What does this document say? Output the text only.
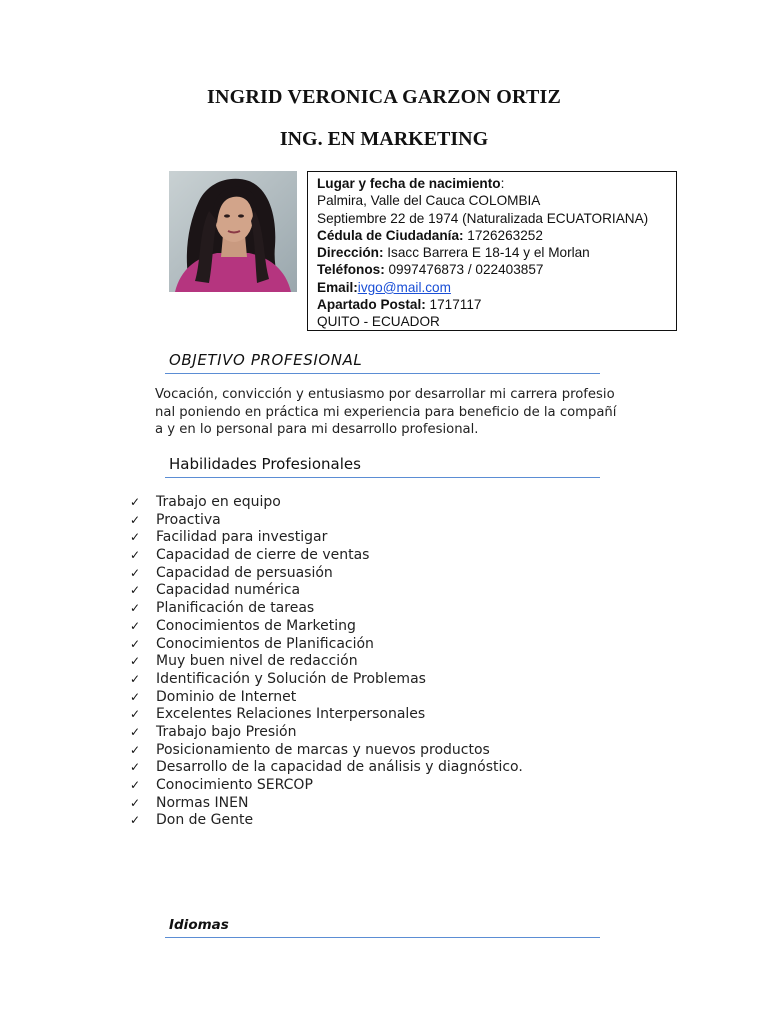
INGRID VERONICA GARZON ORTIZ
ING. EN MARKETING
Lugar y fecha de nacimiento:
Palmira, Valle del Cauca COLOMBIA
Septiembre 22 de 1974 (Naturalizada ECUATORIANA)
Cédula de Ciudadanía: 1726263252
Dirección: Isacc Barrera E 18-14 y el Morlan
Teléfonos: 0997476873 / 022403857
Email:ivgo@mail.com
Apartado Postal: 1717117
QUITO - ECUADOR
OBJETIVO PROFESIONAL
Vocación, convicción y entusiasmo por desarrollar mi carrera profesio
nal poniendo en práctica mi experiencia para beneficio de la compañí
a y en lo personal para mi desarrollo profesional.
Habilidades Profesionales
✓ Trabajo en equipo
✓ Proactiva
✓ Facilidad para investigar
✓ Capacidad de cierre de ventas
✓ Capacidad de persuasión
✓ Capacidad numérica
✓ Planificación de tareas
✓ Conocimientos de Marketing
✓ Conocimientos de Planificación
✓ Muy buen nivel de redacción
✓ Identificación y Solución de Problemas
✓ Dominio de Internet
✓ Excelentes Relaciones Interpersonales
✓ Trabajo bajo Presión
✓ Posicionamiento de marcas y nuevos productos
✓ Desarrollo de la capacidad de análisis y diagnóstico.
✓ Conocimiento SERCOP
✓ Normas INEN
✓ Don de Gente
Idiomas
